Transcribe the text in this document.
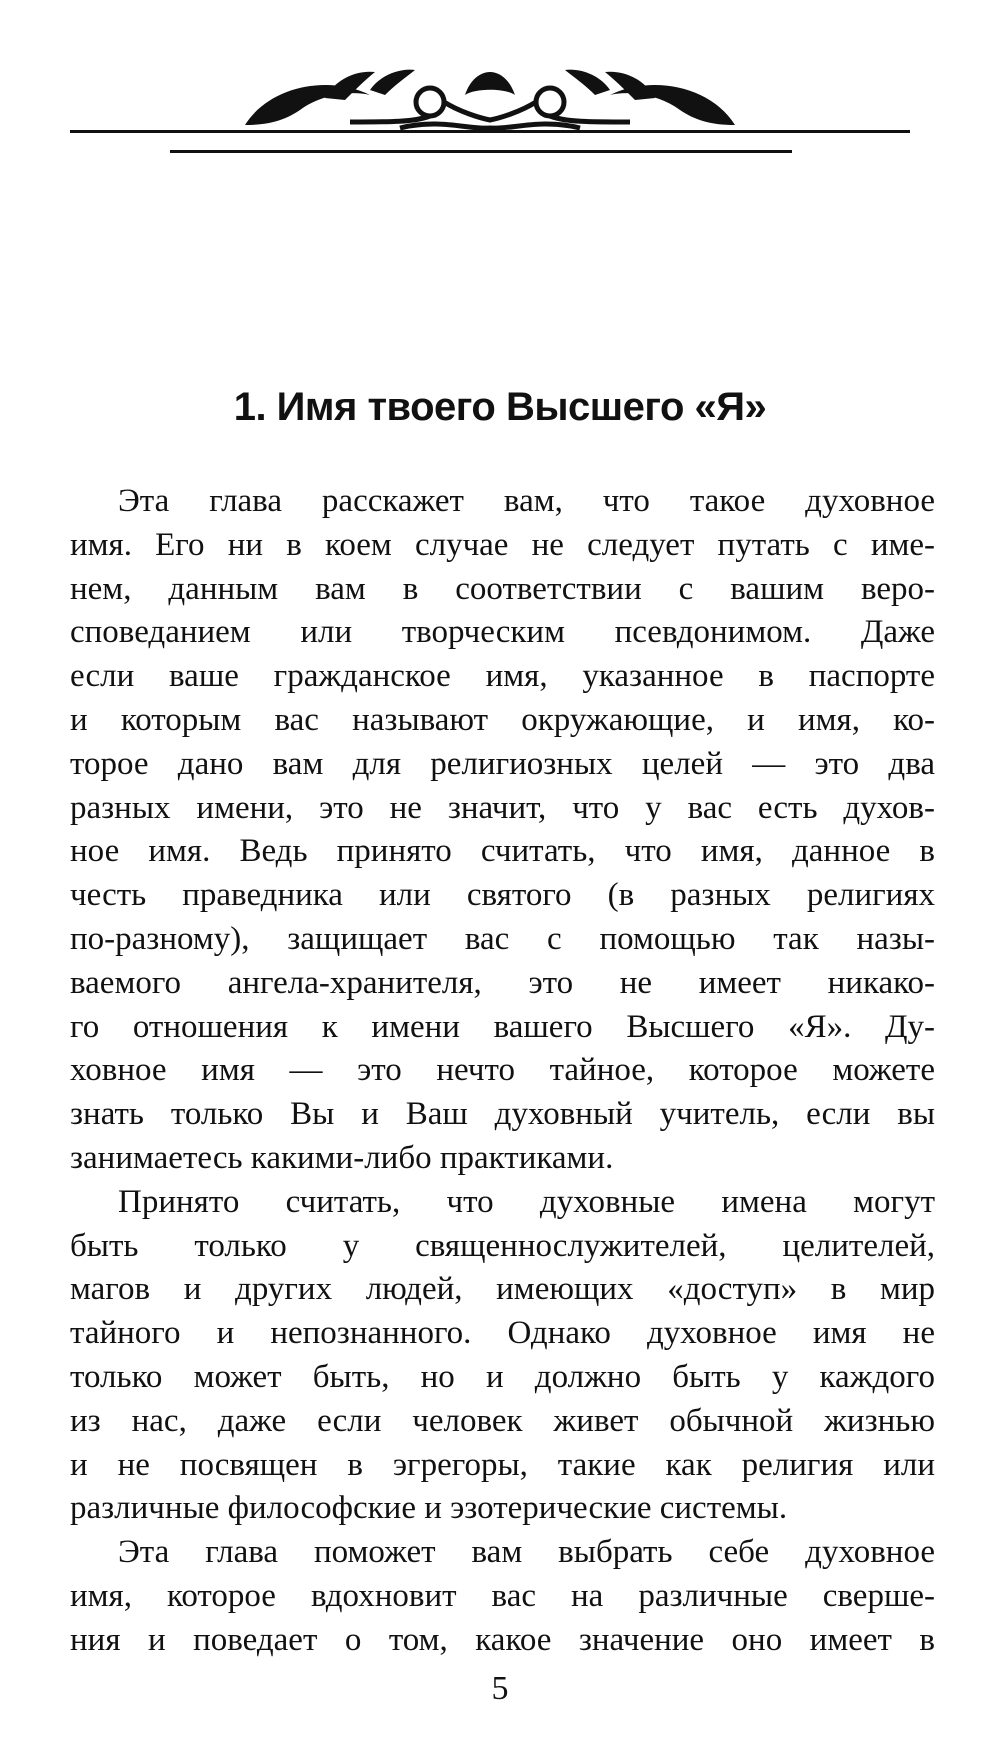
1. Имя твоего Высшего «Я»

Эта глава расскажет вам, что такое духовное
имя. Его ни в коем случае не следует путать с име-
нем, данным вам в соответствии с вашим веро-
споведанием или творческим псевдонимом. Даже
если ваше гражданское имя, указанное в паспорте
и которым вас называют окружающие, и имя, ко-
торое дано вам для религиозных целей — это два
разных имени, это не значит, что у вас есть духов-
ное имя. Ведь принято считать, что имя, данное в
честь праведника или святого (в разных религиях
по-разному), защищает вас с помощью так назы-
ваемого ангела-хранителя, это не имеет никако-
го отношения к имени вашего Высшего «Я». Ду-
ховное имя — это нечто тайное, которое можете
знать только Вы и Ваш духовный учитель, если вы
занимаетесь какими-либо практиками.

Принято считать, что духовные имена могут
быть только у священнослужителей, целителей,
магов и других людей, имеющих «доступ» в мир
тайного и непознанного. Однако духовное имя не
только может быть, но и должно быть у каждого
из нас, даже если человек живет обычной жизнью
и не посвящен в эгрегоры, такие как религия или
различные философские и эзотерические системы.

Эта глава поможет вам выбрать себе духовное
имя, которое вдохновит вас на различные сверше-
ния и поведает о том, какое значение оно имеет в

5
